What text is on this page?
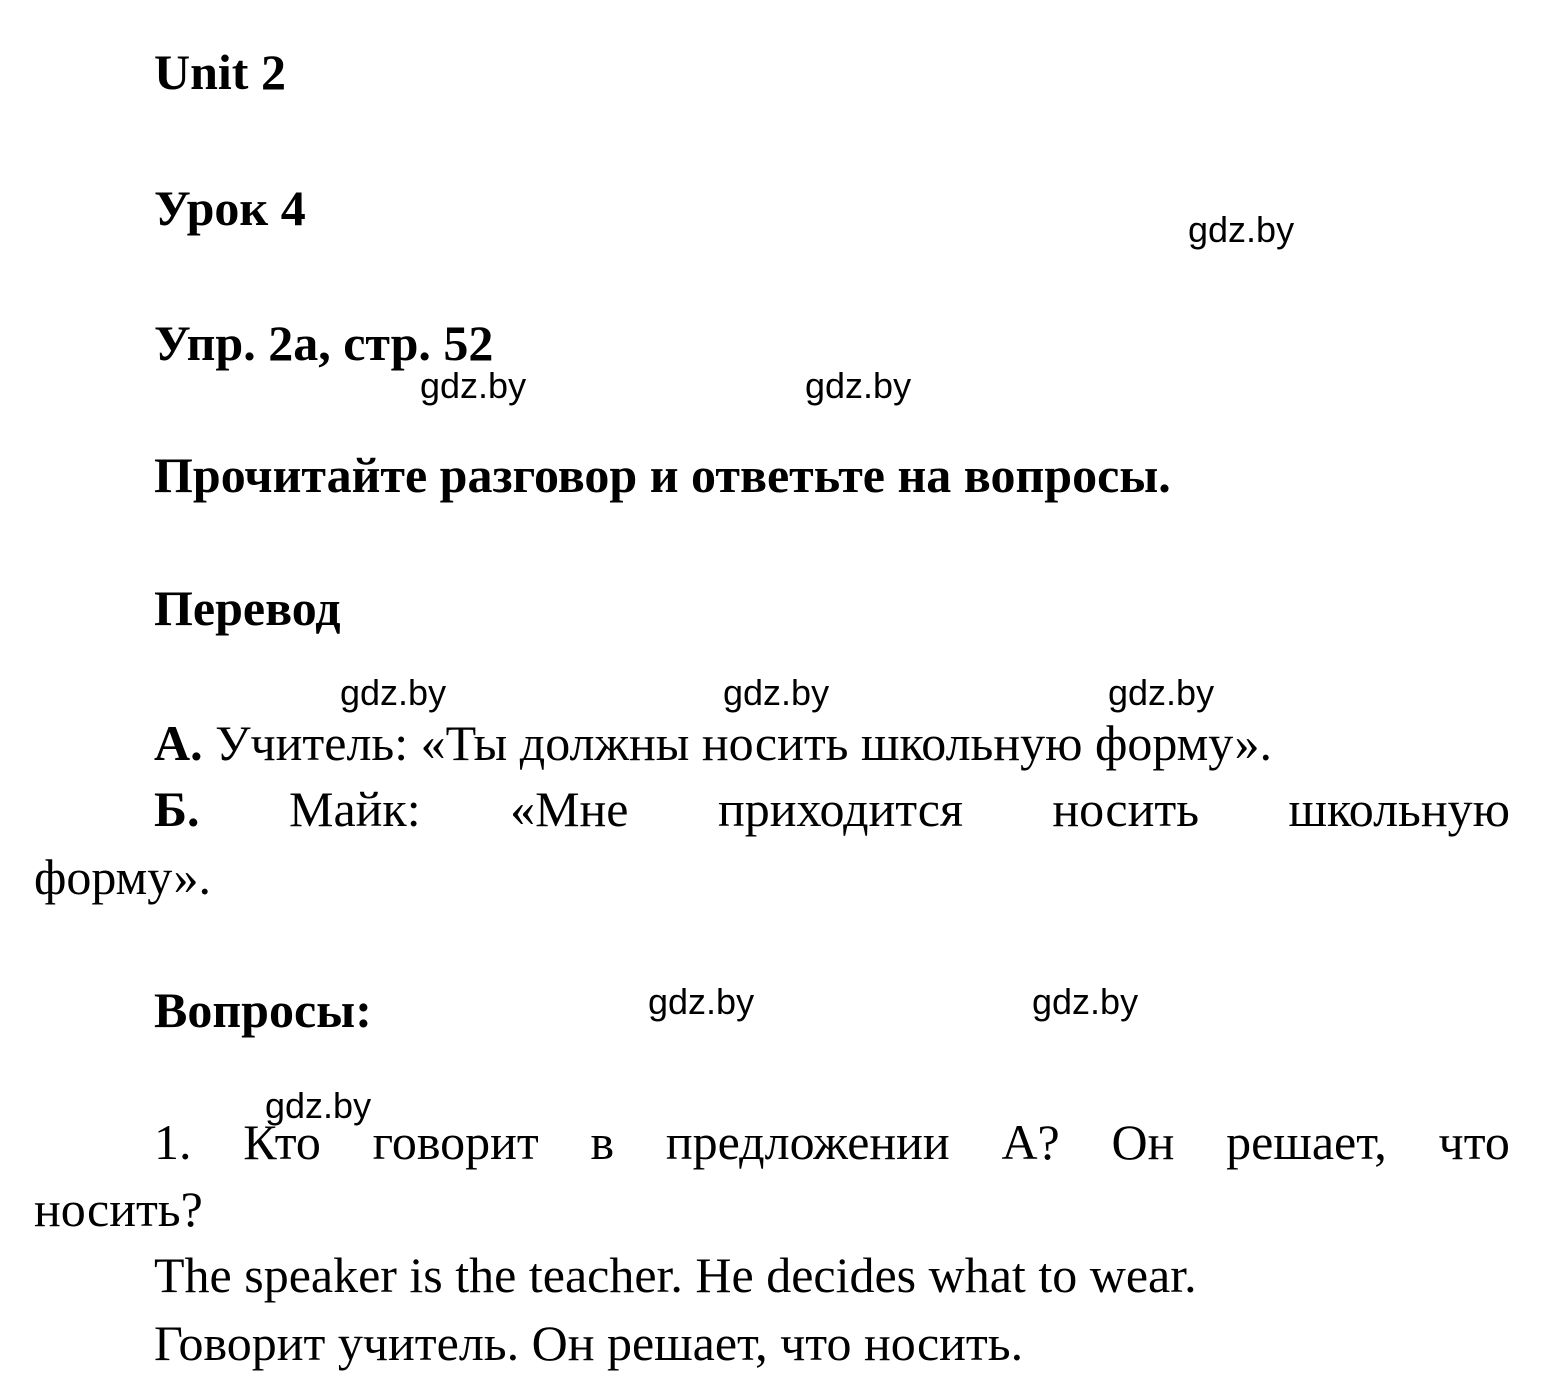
Unit 2
Урок 4
Упр. 2a, стр. 52
Прочитайте разговор и ответьте на вопросы.
Перевод
А. Учитель: «Ты должны носить школьную форму».
Б. Майк: «Мне приходится носить школьную
форму».
Вопросы:
1. Кто говорит в предложении А? Он решает, что
носить?
The speaker is the teacher. He decides what to wear.
Говорит учитель. Он решает, что носить.
gdz.by
gdz.by	gdz.by
gdz.by	gdz.by	gdz.by
gdz.by	gdz.by
gdz.by
